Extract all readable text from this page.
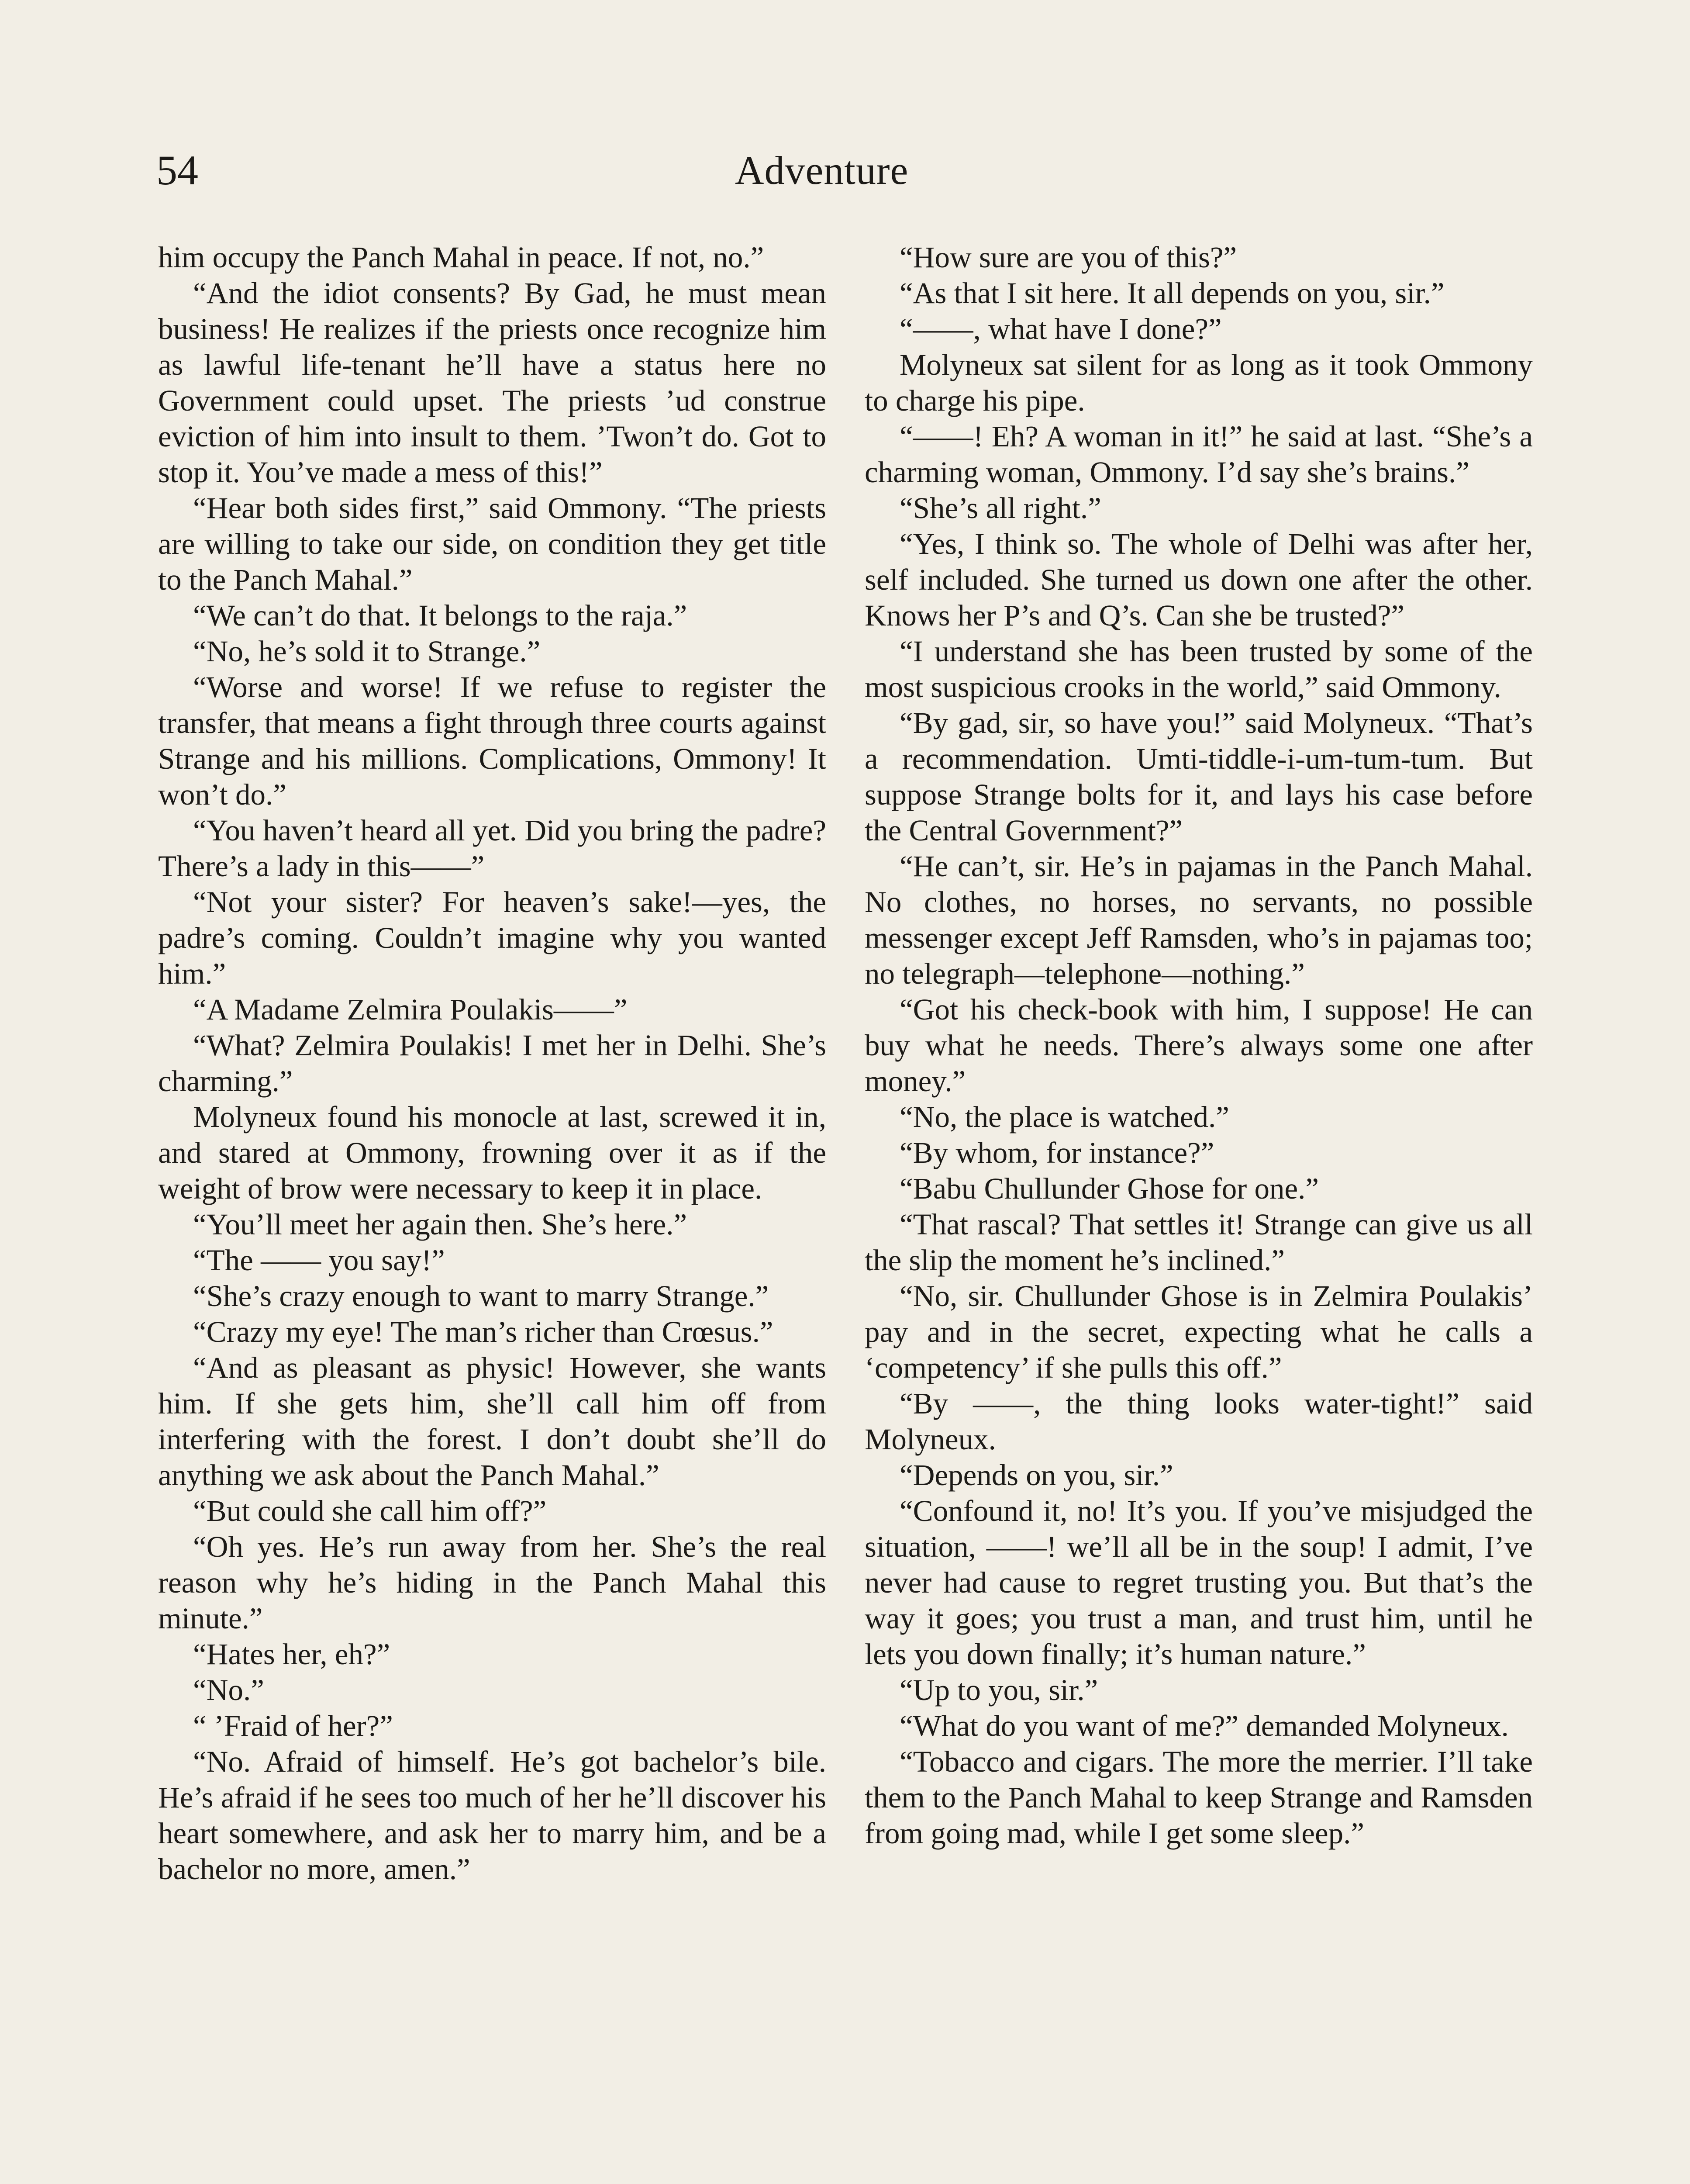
54	Adventure

him occupy the Panch Mahal in peace. If not, no.”

“And the idiot consents? By Gad, he must mean business! He realizes if the priests once recognize him as lawful life-tenant he’ll have a status here no Government could upset. The priests ’ud construe eviction of him into insult to them. ’Twon’t do. Got to stop it. You’ve made a mess of this!”

“Hear both sides first,” said Ommony. “The priests are willing to take our side, on condition they get title to the Panch Mahal.”

“We can’t do that. It belongs to the raja.”

“No, he’s sold it to Strange.”

“Worse and worse! If we refuse to register the transfer, that means a fight through three courts against Strange and his millions. Complications, Ommony! It won’t do.”

“You haven’t heard all yet. Did you bring the padre? There’s a lady in this——”

“Not your sister? For heaven’s sake!—yes, the padre’s coming. Couldn’t imagine why you wanted him.”

“A Madame Zelmira Poulakis——”

“What? Zelmira Poulakis! I met her in Delhi. She’s charming.”

Molyneux found his monocle at last, screwed it in, and stared at Ommony, frowning over it as if the weight of brow were necessary to keep it in place.

“You’ll meet her again then. She’s here.”

“The —— you say!”

“She’s crazy enough to want to marry Strange.”

“Crazy my eye! The man’s richer than Crœsus.”

“And as pleasant as physic! However, she wants him. If she gets him, she’ll call him off from interfering with the forest. I don’t doubt she’ll do anything we ask about the Panch Mahal.”

“But could she call him off?”

“Oh yes. He’s run away from her. She’s the real reason why he’s hiding in the Panch Mahal this minute.”

“Hates her, eh?”

“No.”

“ ’Fraid of her?”

“No. Afraid of himself. He’s got bachelor’s bile. He’s afraid if he sees too much of her he’ll discover his heart somewhere, and ask her to marry him, and be a bachelor no more, amen.”

“How sure are you of this?”

“As that I sit here. It all depends on you, sir.”

“——, what have I done?”

Molyneux sat silent for as long as it took Ommony to charge his pipe.

“——! Eh? A woman in it!” he said at last. “She’s a charming woman, Ommony. I’d say she’s brains.”

“She’s all right.”

“Yes, I think so. The whole of Delhi was after her, self included. She turned us down one after the other. Knows her P’s and Q’s. Can she be trusted?”

“I understand she has been trusted by some of the most suspicious crooks in the world,” said Ommony.

“By gad, sir, so have you!” said Molyneux. “That’s a recommendation. Umti-tiddle-i-um-tum-tum. But suppose Strange bolts for it, and lays his case before the Central Government?”

“He can’t, sir. He’s in pajamas in the Panch Mahal. No clothes, no horses, no servants, no possible messenger except Jeff Ramsden, who’s in pajamas too; no telegraph—telephone—nothing.”

“Got his check-book with him, I suppose! He can buy what he needs. There’s always some one after money.”

“No, the place is watched.”

“By whom, for instance?”

“Babu Chullunder Ghose for one.”

“That rascal? That settles it! Strange can give us all the slip the moment he’s inclined.”

“No, sir. Chullunder Ghose is in Zelmira Poulakis’ pay and in the secret, expecting what he calls a ‘competency’ if she pulls this off.”

“By ——, the thing looks water-tight!” said Molyneux.

“Depends on you, sir.”

“Confound it, no! It’s you. If you’ve misjudged the situation, ——! we’ll all be in the soup! I admit, I’ve never had cause to regret trusting you. But that’s the way it goes; you trust a man, and trust him, until he lets you down finally; it’s human nature.”

“Up to you, sir.”

“What do you want of me?” demanded Molyneux.

“Tobacco and cigars. The more the merrier. I’ll take them to the Panch Mahal to keep Strange and Ramsden from going mad, while I get some sleep.”
